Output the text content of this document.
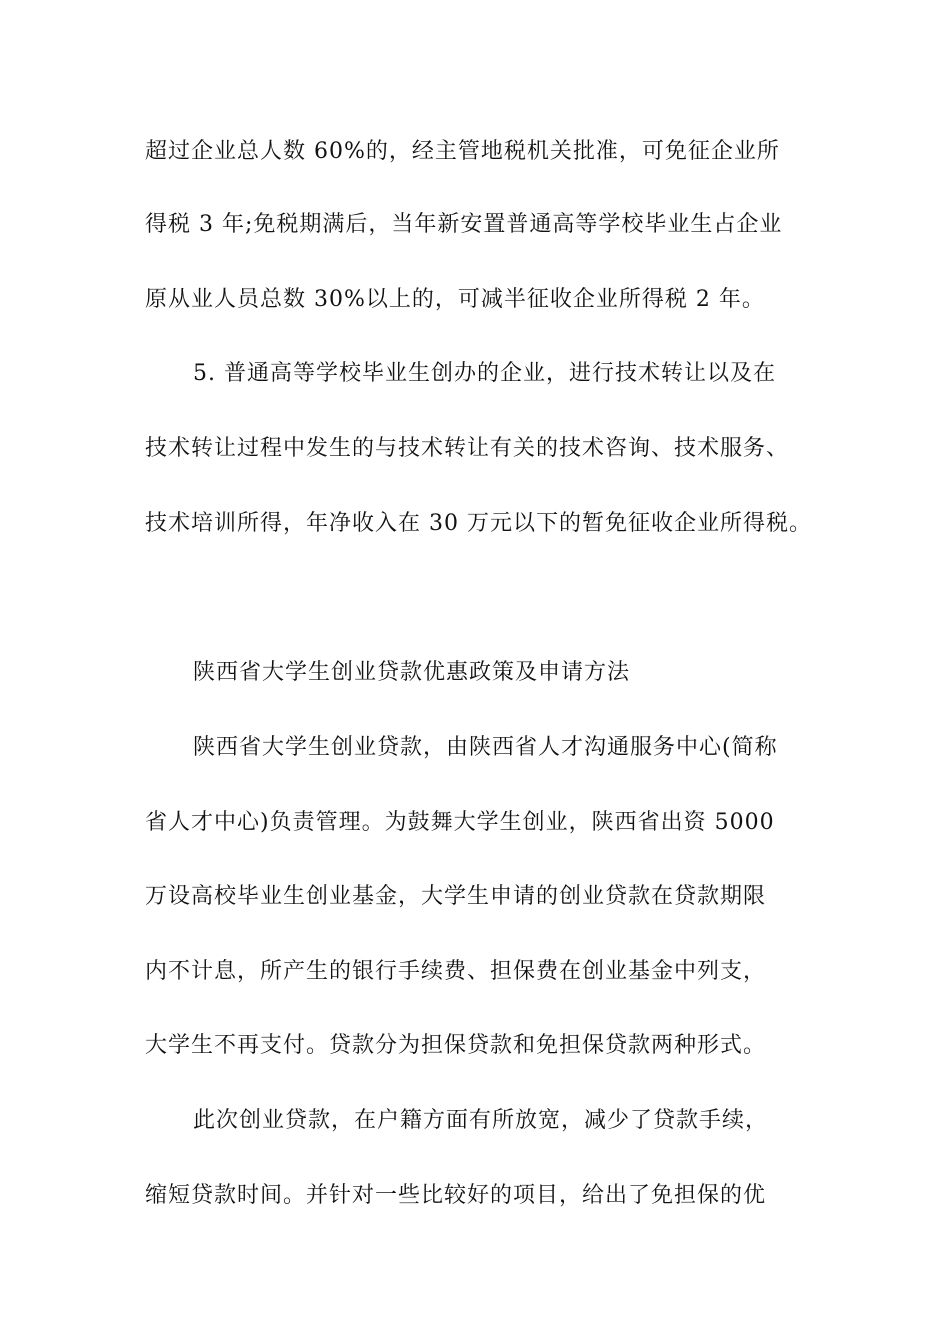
超过企业总人数 60%的，经主管地税机关批准，可免征企业所
得税 3 年;免税期满后，当年新安置普通高等学校毕业生占企业
原从业人员总数 30%以上的，可减半征收企业所得税 2 年。
5. 普通高等学校毕业生创办的企业，进行技术转让以及在
技术转让过程中发生的与技术转让有关的技术咨询、技术服务、
技术培训所得，年净收入在 30 万元以下的暂免征收企业所得税。
陕西省大学生创业贷款优惠政策及申请方法
陕西省大学生创业贷款，由陕西省人才沟通服务中心(简称
省人才中心)负责管理。为鼓舞大学生创业，陕西省出资 5000
万设高校毕业生创业基金，大学生申请的创业贷款在贷款期限
内不计息，所产生的银行手续费、担保费在创业基金中列支，
大学生不再支付。贷款分为担保贷款和免担保贷款两种形式。
此次创业贷款，在户籍方面有所放宽，减少了贷款手续，
缩短贷款时间。并针对一些比较好的项目，给出了免担保的优
